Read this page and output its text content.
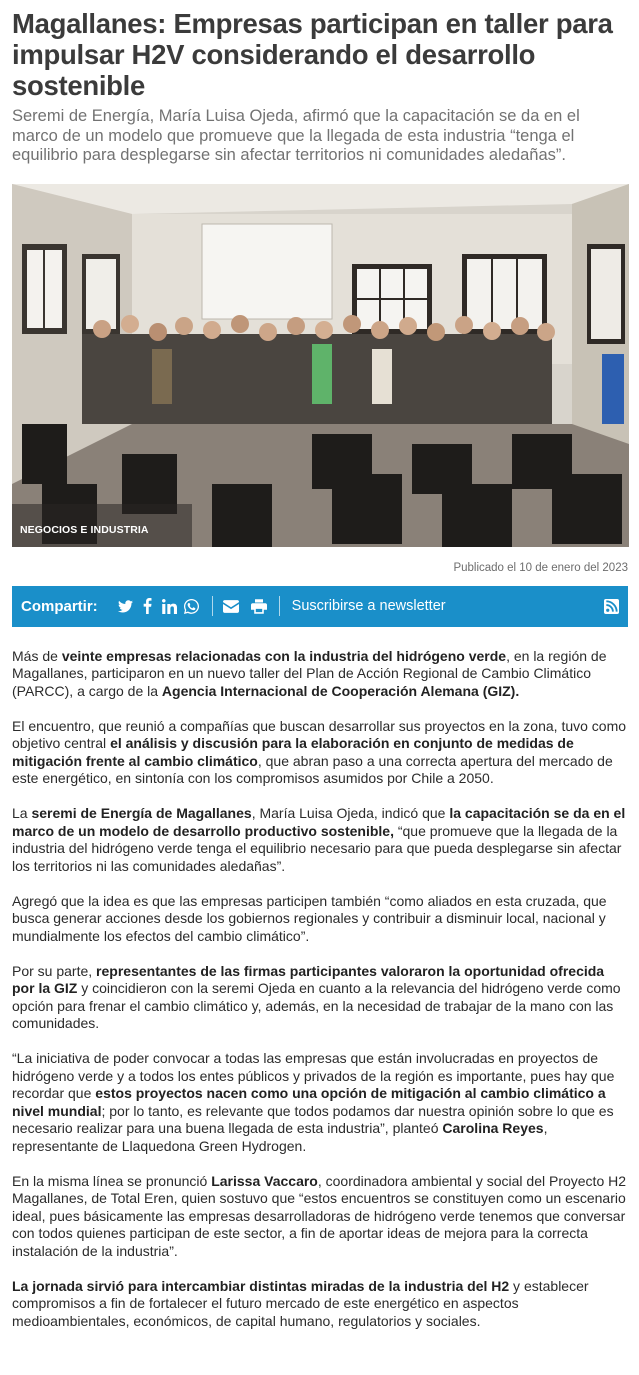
Magallanes: Empresas participan en taller para impulsar H2V considerando el desarrollo sostenible

Seremi de Energía, María Luisa Ojeda, afirmó que la capacitación se da en el marco de un modelo que promueve que la llegada de esta industria “tenga el equilibrio para desplegarse sin afectar territorios ni comunidades aledañas”.

NEGOCIOS E INDUSTRIA
Publicado el 10 de enero del 2023
Compartir:	Suscribirse a newsletter

Más de veinte empresas relacionadas con la industria del hidrógeno verde, en la región de Magallanes, participaron en un nuevo taller del Plan de Acción Regional de Cambio Climático (PARCC), a cargo de la Agencia Internacional de Cooperación Alemana (GIZ).

El encuentro, que reunió a compañías que buscan desarrollar sus proyectos en la zona, tuvo como objetivo central el análisis y discusión para la elaboración en conjunto de medidas de mitigación frente al cambio climático, que abran paso a una correcta apertura del mercado de este energético, en sintonía con los compromisos asumidos por Chile a 2050.

La seremi de Energía de Magallanes, María Luisa Ojeda, indicó que la capacitación se da en el marco de un modelo de desarrollo productivo sostenible, “que promueve que la llegada de la industria del hidrógeno verde tenga el equilibrio necesario para que pueda desplegarse sin afectar los territorios ni las comunidades aledañas”.

Agregó que la idea es que las empresas participen también “como aliados en esta cruzada, que busca generar acciones desde los gobiernos regionales y contribuir a disminuir local, nacional y mundialmente los efectos del cambio climático”.

Por su parte, representantes de las firmas participantes valoraron la oportunidad ofrecida por la GIZ y coincidieron con la seremi Ojeda en cuanto a la relevancia del hidrógeno verde como opción para frenar el cambio climático y, además, en la necesidad de trabajar de la mano con las comunidades.

“La iniciativa de poder convocar a todas las empresas que están involucradas en proyectos de hidrógeno verde y a todos los entes públicos y privados de la región es importante, pues hay que recordar que estos proyectos nacen como una opción de mitigación al cambio climático a nivel mundial; por lo tanto, es relevante que todos podamos dar nuestra opinión sobre lo que es necesario realizar para una buena llegada de esta industria”, planteó Carolina Reyes, representante de Llaquedona Green Hydrogen.

En la misma línea se pronunció Larissa Vaccaro, coordinadora ambiental y social del Proyecto H2 Magallanes, de Total Eren, quien sostuvo que “estos encuentros se constituyen como un escenario ideal, pues básicamente las empresas desarrolladoras de hidrógeno verde tenemos que conversar con todos quienes participan de este sector, a fin de aportar ideas de mejora para la correcta instalación de la industria”.

La jornada sirvió para intercambiar distintas miradas de la industria del H2 y establecer compromisos a fin de fortalecer el futuro mercado de este energético en aspectos medioambientales, económicos, de capital humano, regulatorios y sociales.
